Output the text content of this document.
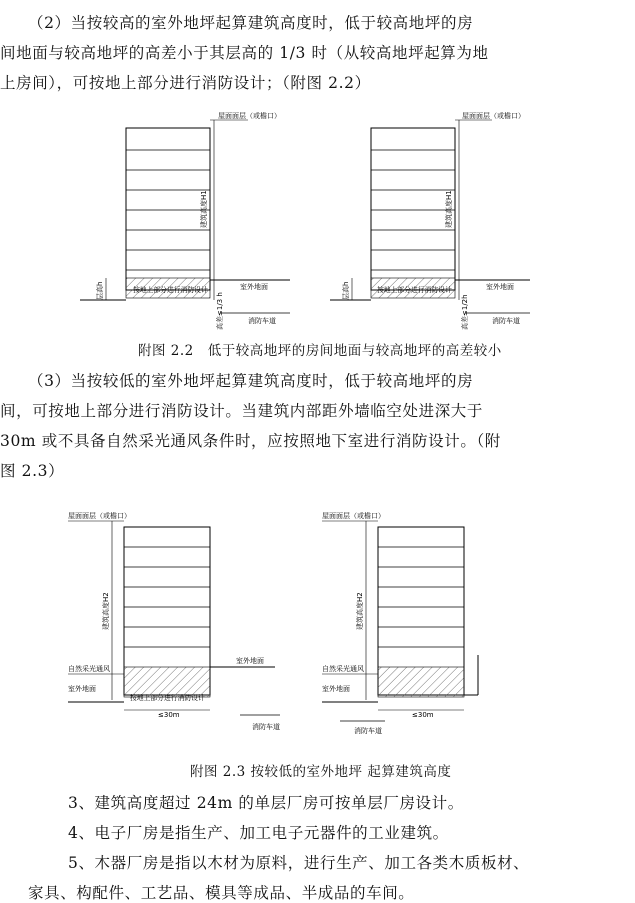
（2）当按较高的室外地坪起算建筑高度时，低于较高地坪的房
间地面与较高地坪的高差小于其层高的 1/3 时（从较高地坪起算为地
上房间），可按地上部分进行消防设计；（附图 2.2）
屋面面层（或檐口）
按地上部分进行消防设计
建筑高度H1
室外地面
层高h
高差≤1/3 h	消防车道
屋面面层（或檐口）
按地上部分进行消防设计
建筑高度H1
室外地面
层高h
高差≤1/2h	消防车道
附图 2.2　低于较高地坪的房间地面与较高地坪的高差较小
（3）当按较低的室外地坪起算建筑高度时，低于较高地坪的房
间，可按地上部分进行消防设计。当建筑内部距外墙临空处进深大于
30m 或不具备自然采光通风条件时，应按照地下室进行消防设计。（附
图 2.3）
屋面面层（或檐口）
按地上部分进行消防设计
建筑高度H2
自然采光通风
室外地面
室外地面
≤30m
消防车道
屋面面层（或檐口）
建筑高度H2
自然采光通风
室外地面
≤30m
消防车道
附图 2.3 按较低的室外地坪 起算建筑高度
3、建筑高度超过 24m 的单层厂房可按单层厂房设计。
4、电子厂房是指生产、加工电子元器件的工业建筑。
5、木器厂房是指以木材为原料，进行生产、加工各类木质板材、
家具、构配件、工艺品、模具等成品、半成品的车间。
